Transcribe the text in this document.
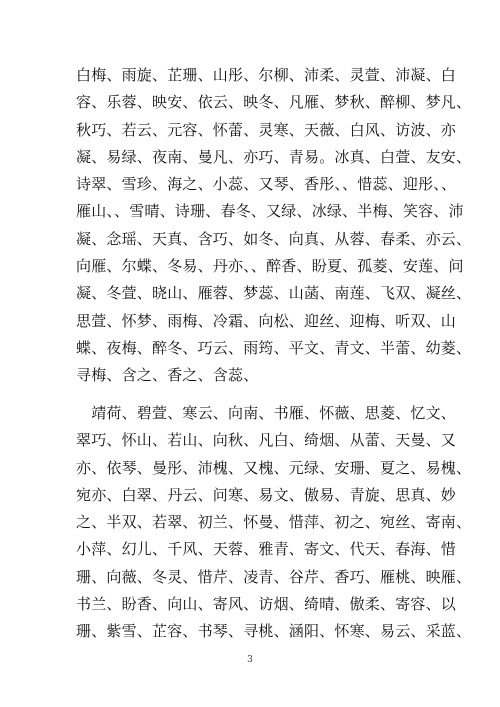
白梅、雨旋、芷珊、山彤、尔柳、沛柔、灵萱、沛凝、白
容、乐蓉、映安、依云、映冬、凡雁、梦秋、醉柳、梦凡、
秋巧、若云、元容、怀蕾、灵寒、天薇、白风、访波、亦
凝、易绿、夜南、曼凡、亦巧、青易。冰真、白萱、友安、
诗翠、雪珍、海之、小蕊、又琴、香彤、、惜蕊、迎彤、、
雁山、、雪晴、诗珊、春冬、又绿、冰绿、半梅、笑容、沛
凝、念瑶、天真、含巧、如冬、向真、从蓉、春柔、亦云、
向雁、尔蝶、冬易、丹亦、、醉香、盼夏、孤菱、安莲、问
凝、冬萱、晓山、雁蓉、梦蕊、山菡、南莲、飞双、凝丝、
思萱、怀梦、雨梅、冷霜、向松、迎丝、迎梅、听双、山
蝶、夜梅、醉冬、巧云、雨筠、平文、青文、半蕾、幼菱、
寻梅、含之、香之、含蕊、
　靖荷、碧萱、寒云、向南、书雁、怀薇、思菱、忆文、
翠巧、怀山、若山、向秋、凡白、绮烟、从蕾、天曼、又
亦、依琴、曼彤、沛槐、又槐、元绿、安珊、夏之、易槐、
宛亦、白翠、丹云、问寒、易文、傲易、青旋、思真、妙
之、半双、若翠、初兰、怀曼、惜萍、初之、宛丝、寄南、
小萍、幻儿、千风、天蓉、雅青、寄文、代天、春海、惜
珊、向薇、冬灵、惜芹、凌青、谷芹、香巧、雁桃、映雁、
书兰、盼香、向山、寄风、访烟、绮晴、傲柔、寄容、以
珊、紫雪、芷容、书琴、寻桃、涵阳、怀寒、易云、采蓝、
3
